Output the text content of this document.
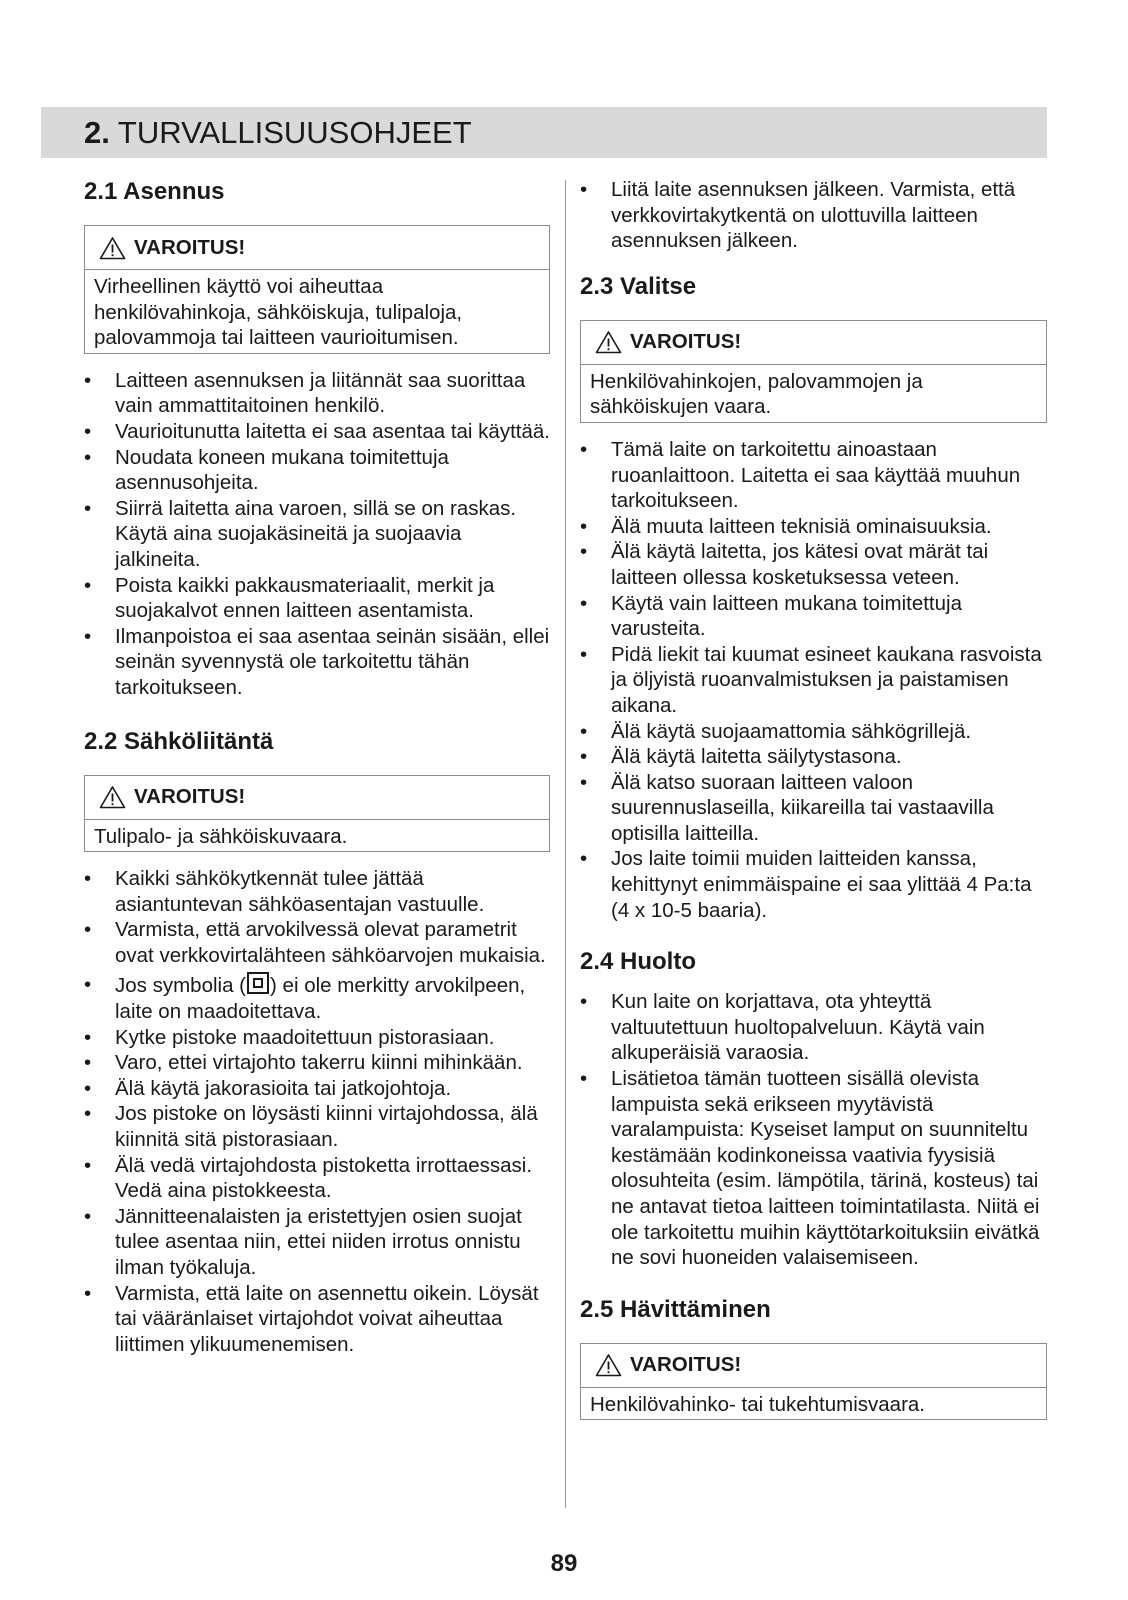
2. TURVALLISUUSOHJEET
2.1 Asennus
VAROITUS!
Virheellinen käyttö voi aiheuttaa henkilövahinkoja, sähköiskuja, tulipaloja, palovammoja tai laitteen vaurioitumisen.
• Laitteen asennuksen ja liitännät saa suorittaa vain ammattitaitoinen henkilö.
• Vaurioitunutta laitetta ei saa asentaa tai käyttää.
• Noudata koneen mukana toimitettuja asennusohjeita.
• Siirrä laitetta aina varoen, sillä se on raskas. Käytä aina suojakäsineitä ja suojaavia jalkineita.
• Poista kaikki pakkausmateriaalit, merkit ja suojakalvot ennen laitteen asentamista.
• Ilmanpoistoa ei saa asentaa seinän sisään, ellei seinän syvennystä ole tarkoitettu tähän tarkoitukseen.
2.2 Sähköliitäntä
VAROITUS!
Tulipalo- ja sähköiskuvaara.
• Kaikki sähkökytkennät tulee jättää asiantuntevan sähköasentajan vastuulle.
• Varmista, että arvokilvessä olevat parametrit ovat verkkovirtalähteen sähköarvojen mukaisia.
• Jos symbolia ( ) ei ole merkitty arvokilpeen, laite on maadoitettava.
• Kytke pistoke maadoitettuun pistorasiaan.
• Varo, ettei virtajohto takerru kiinni mihinkään.
• Älä käytä jakorasioita tai jatkojohtoja.
• Jos pistoke on löysästi kiinni virtajohdossa, älä kiinnitä sitä pistorasiaan.
• Älä vedä virtajohdosta pistoketta irrottaessasi. Vedä aina pistokkeesta.
• Jännitteenalaisten ja eristettyjen osien suojat tulee asentaa niin, ettei niiden irrotus onnistu ilman työkaluja.
• Varmista, että laite on asennettu oikein. Löysät tai vääränlaiset virtajohdot voivat aiheuttaa liittimen ylikuumenemisen.
• Liitä laite asennuksen jälkeen. Varmista, että verkkovirtakytkentä on ulottuvilla laitteen asennuksen jälkeen.
2.3 Valitse
VAROITUS!
Henkilövahinkojen, palovammojen ja sähköiskujen vaara.
• Tämä laite on tarkoitettu ainoastaan ruoanlaittoon. Laitetta ei saa käyttää muuhun tarkoitukseen.
• Älä muuta laitteen teknisiä ominaisuuksia.
• Älä käytä laitetta, jos kätesi ovat märät tai laitteen ollessa kosketuksessa veteen.
• Käytä vain laitteen mukana toimitettuja varusteita.
• Pidä liekit tai kuumat esineet kaukana rasvoista ja öljyistä ruoanvalmistuksen ja paistamisen aikana.
• Älä käytä suojaamattomia sähkögrillejä.
• Älä käytä laitetta säilytystasona.
• Älä katso suoraan laitteen valoon suurennuslaseilla, kiikareilla tai vastaavilla optisilla laitteilla.
• Jos laite toimii muiden laitteiden kanssa, kehittynyt enimmäispaine ei saa ylittää 4 Pa:ta (4 x 10-5 baaria).
2.4 Huolto
• Kun laite on korjattava, ota yhteyttä valtuutettuun huoltopalveluun. Käytä vain alkuperäisiä varaosia.
• Lisätietoa tämän tuotteen sisällä olevista lampuista sekä erikseen myytävistä varalampuista: Kyseiset lamput on suunniteltu kestämään kodinkoneissa vaativia fyysisiä olosuhteita (esim. lämpötila, tärinä, kosteus) tai ne antavat tietoa laitteen toimintatilasta. Niitä ei ole tarkoitettu muihin käyttötarkoituksiin eivätkä ne sovi huoneiden valaisemiseen.
2.5 Hävittäminen
VAROITUS!
Henkilövahinko- tai tukehtumisvaara.
89
